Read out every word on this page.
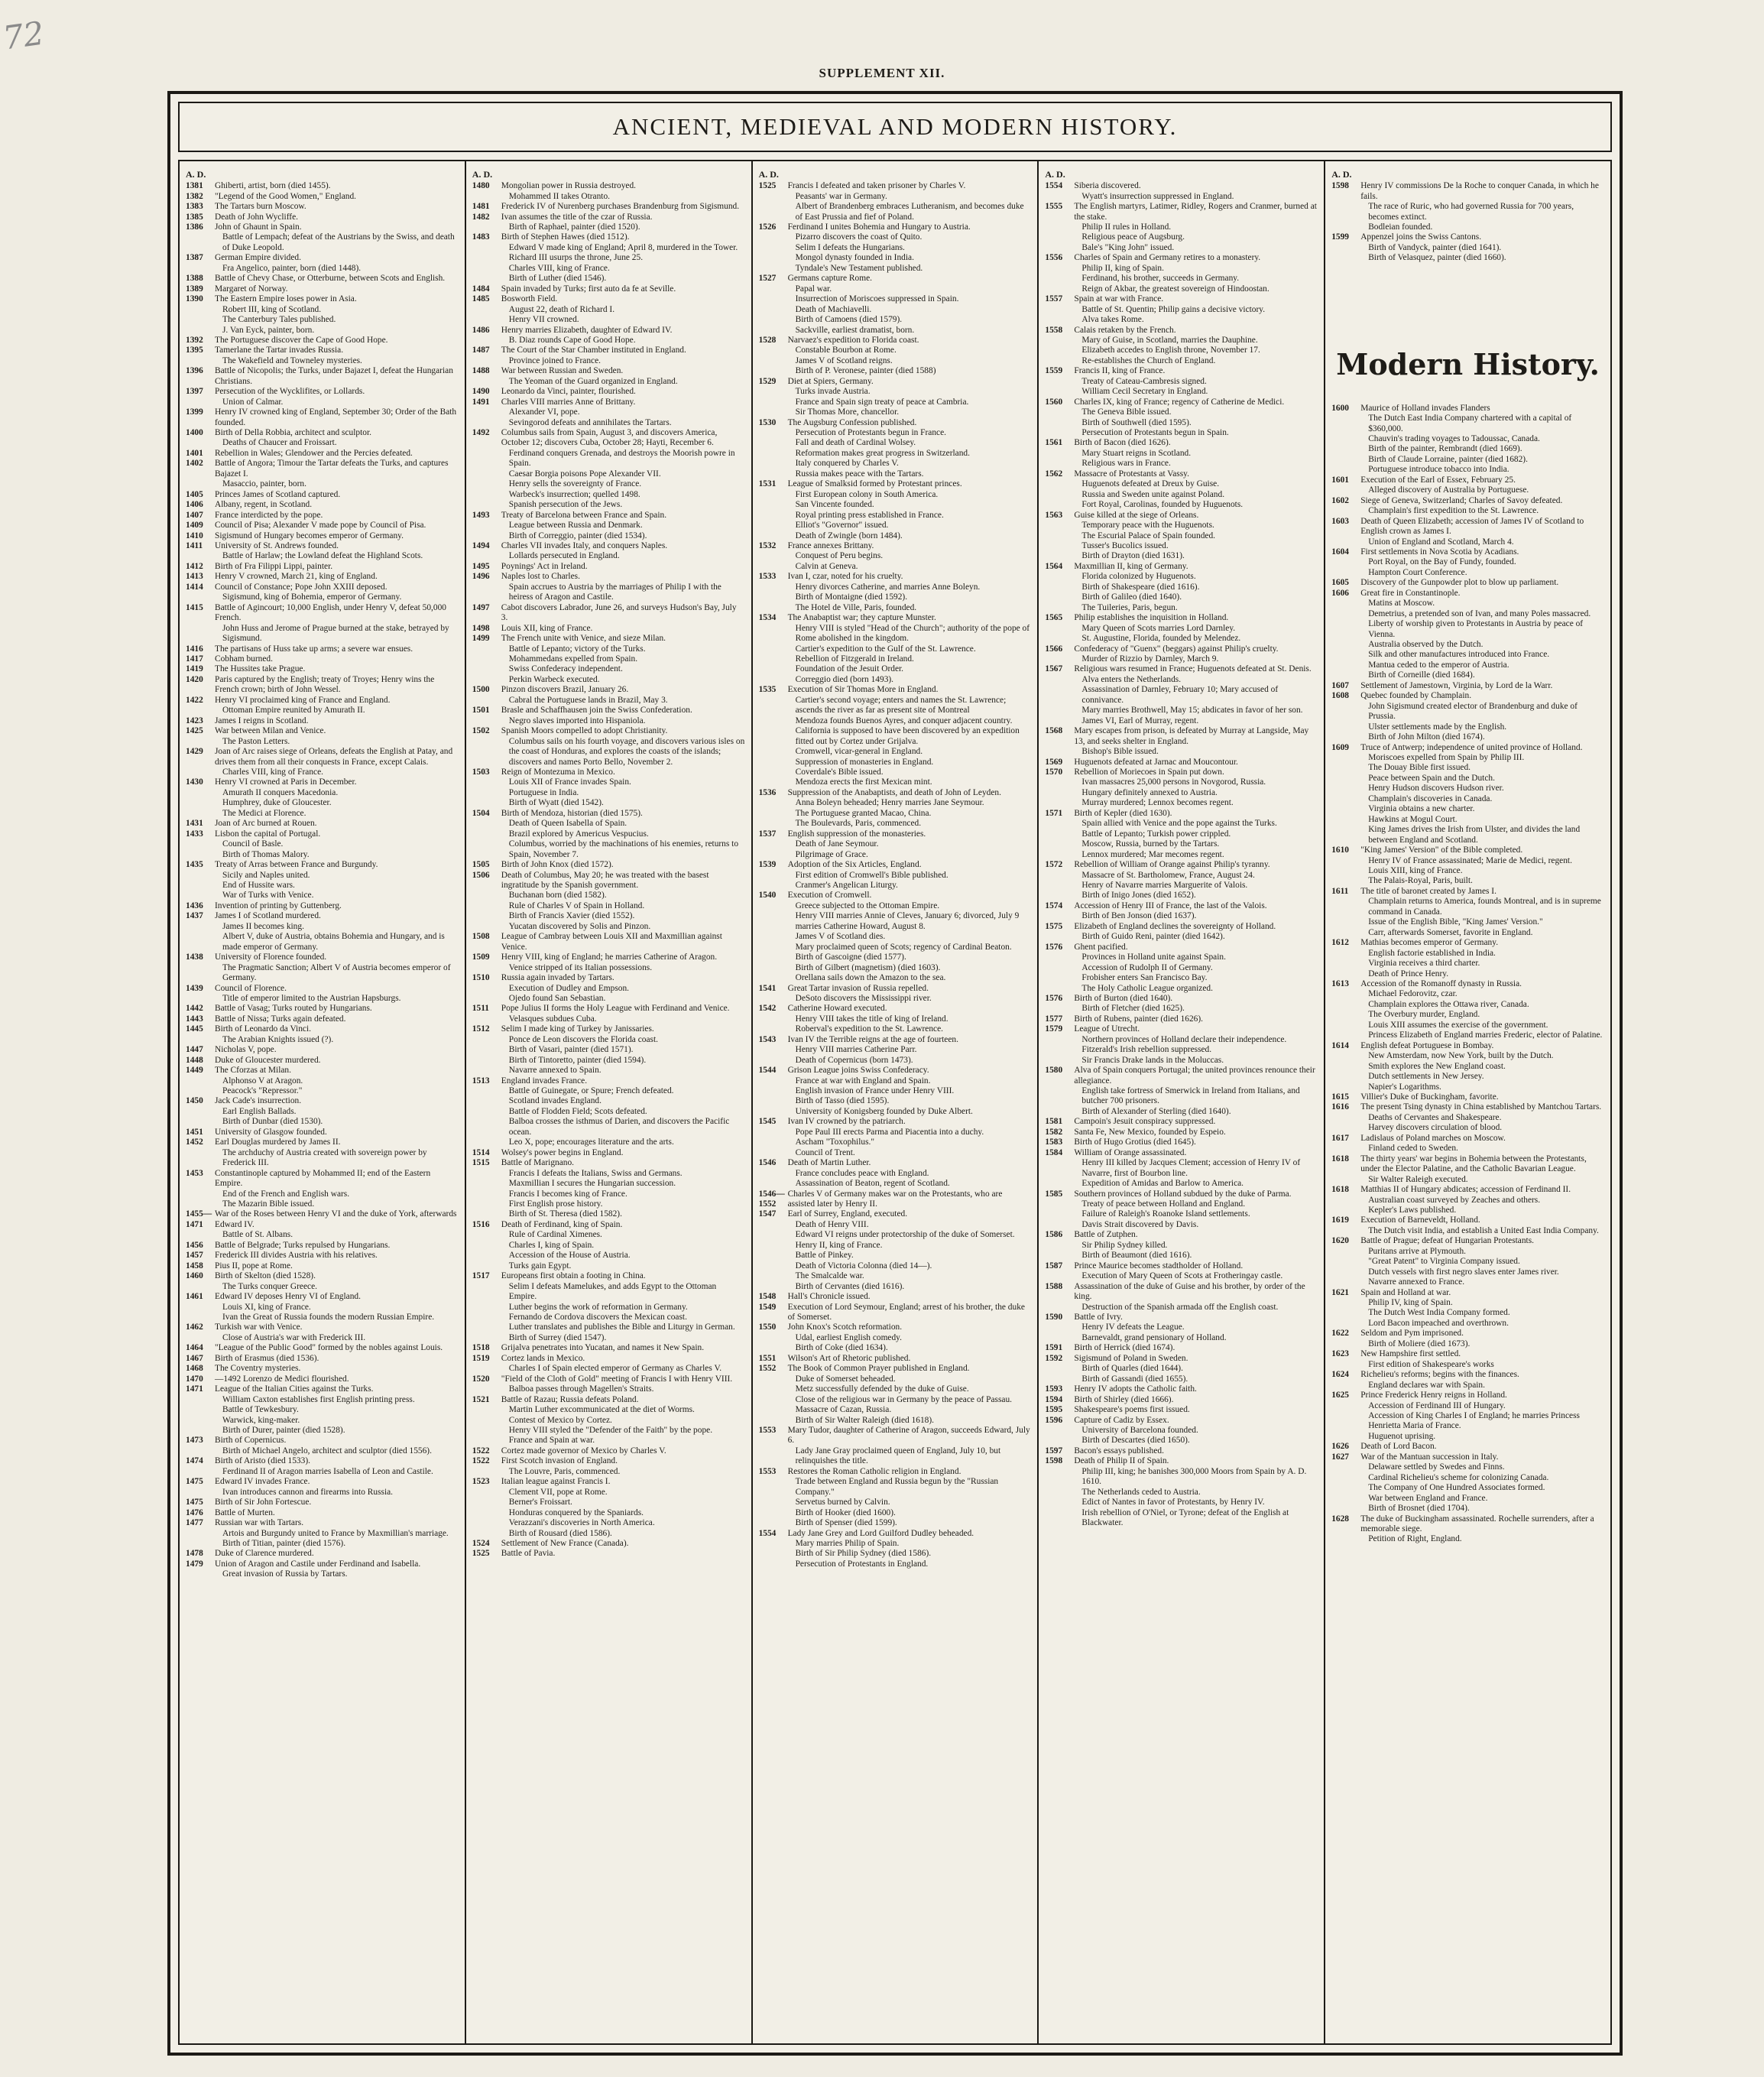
72
SUPPLEMENT XII.
ANCIENT, MEDIEVAL AND MODERN HISTORY.
A. D.
1381	Ghiberti, artist, born (died 1455).
1382	"Legend of the Good Women," England.
1383	The Tartars burn Moscow.
1385	Death of John Wycliffe.
1386	John of Ghaunt in Spain.
Battle of Lempach; defeat of the Austrians by the Swiss, and death of Duke Leopold.
1387	German Empire divided.
Fra Angelico, painter, born (died 1448).
1388	Battle of Chevy Chase, or Otterburne, between Scots and English.
1389	Margaret of Norway.
1390	The Eastern Empire loses power in Asia.
Robert III, king of Scotland.
The Canterbury Tales published.
J. Van Eyck, painter, born.
1392	The Portuguese discover the Cape of Good Hope.
1395	Tamerlane the Tartar invades Russia.
The Wakefield and Towneley mysteries.
1396	Battle of Nicopolis; the Turks, under Bajazet I, defeat the Hungarian Christians.
1397	Persecution of the Wycklifites, or Lollards.
Union of Calmar.
1399	Henry IV crowned king of England, September 30; Order of the Bath founded.
1400	Birth of Della Robbia, architect and sculptor.
Deaths of Chaucer and Froissart.
1401	Rebellion in Wales; Glendower and the Percies defeated.
1402	Battle of Angora; Timour the Tartar defeats the Turks, and captures Bajazet I.
Masaccio, painter, born.
1405	Princes James of Scotland captured.
1406	Albany, regent, in Scotland.
1407	France interdicted by the pope.
1409	Council of Pisa; Alexander V made pope by Council of Pisa.
1410	Sigismund of Hungary becomes emperor of Germany.
1411	University of St. Andrews founded.
Battle of Harlaw; the Lowland defeat the Highland Scots.
1412	Birth of Fra Filippi Lippi, painter.
1413	Henry V crowned, March 21, king of England.
1414	Council of Constance; Pope John XXIII deposed.
Sigismund, king of Bohemia, emperor of Germany.
1415	Battle of Agincourt; 10,000 English, under Henry V, defeat 50,000 French.
John Huss and Jerome of Prague burned at the stake, betrayed by Sigismund.
1416	The partisans of Huss take up arms; a severe war ensues.
1417	Cobham burned.
1419	The Hussites take Prague.
1420	Paris captured by the English; treaty of Troyes; Henry wins the French crown; birth of John Wessel.
1422	Henry VI proclaimed king of France and England.
Ottoman Empire reunited by Amurath II.
1423	James I reigns in Scotland.
1425	War between Milan and Venice.
The Paston Letters.
1429	Joan of Arc raises siege of Orleans, defeats the English at Patay, and drives them from all their conquests in France, except Calais.
Charles VIII, king of France.
1430	Henry VI crowned at Paris in December.
Amurath II conquers Macedonia.
Humphrey, duke of Gloucester.
The Medici at Florence.
1431	Joan of Arc burned at Rouen.
1433	Lisbon the capital of Portugal.
Council of Basle.
Birth of Thomas Malory.
1435	Treaty of Arras between France and Burgundy.
Sicily and Naples united.
End of Hussite wars.
War of Turks with Venice.
1436	Invention of printing by Guttenberg.
1437	James I of Scotland murdered.
James II becomes king.
Albert V, duke of Austria, obtains Bohemia and Hungary, and is made emperor of Germany.
1438	University of Florence founded.
The Pragmatic Sanction; Albert V of Austria becomes emperor of Germany.
1439	Council of Florence.
Title of emperor limited to the Austrian Hapsburgs.
1442	Battle of Vasag; Turks routed by Hungarians.
1443	Battle of Nissa; Turks again defeated.
1445	Birth of Leonardo da Vinci.
The Arabian Knights issued (?).
1447	Nicholas V, pope.
1448	Duke of Gloucester murdered.
1449	The Cforzas at Milan.
Alphonso V at Aragon.
Peacock's "Repressor."
1450	Jack Cade's insurrection.
Earl English Ballads.
Birth of Dunbar (died 1530).
1451	University of Glasgow founded.
1452	Earl Douglas murdered by James II.
The archduchy of Austria created with sovereign power by Frederick III.
1453	Constantinople captured by Mohammed II; end of the Eastern Empire.
End of the French and English wars.
The Mazarin Bible issued.
1455—1471
War of the Roses between Henry VI and the duke of York, afterwards Edward IV.
Battle of St. Albans.
1456	Battle of Belgrade; Turks repulsed by Hungarians.
1457	Frederick III divides Austria with his relatives.
1458	Pius II, pope at Rome.
1460	Birth of Skelton (died 1528).
The Turks conquer Greece.
1461	Edward IV deposes Henry VI of England.
Louis XI, king of France.
Ivan the Great of Russia founds the modern Russian Empire.
1462	Turkish war with Venice.
Close of Austria's war with Frederick III.
1464	"League of the Public Good" formed by the nobles against Louis.
1467	Birth of Erasmus (died 1536).
1468	The Coventry mysteries.
1470	—1492 Lorenzo de Medici flourished.
1471	League of the Italian Cities against the Turks.
William Caxton establishes first English printing press.
Battle of Tewkesbury.
Warwick, king-maker.
Birth of Durer, painter (died 1528).
1473	Birth of Copernicus.
Birth of Michael Angelo, architect and sculptor (died 1556).
1474	Birth of Aristo (died 1533).
Ferdinand II of Aragon marries Isabella of Leon and Castile.
1475	Edward IV invades France.
Ivan introduces cannon and firearms into Russia.
1475	Birth of Sir John Fortescue.
1476	Battle of Murten.
1477	Russian war with Tartars.
Artois and Burgundy united to France by Maxmillian's marriage.
Birth of Titian, painter (died 1576).
1478	Duke of Clarence murdered.
1479	Union of Aragon and Castile under Ferdinand and Isabella.
Great invasion of Russia by Tartars.
A. D.
1480	Mongolian power in Russia destroyed.
Mohammed II takes Otranto.
1481	Frederick IV of Nurenberg purchases Brandenburg from Sigismund.
1482	Ivan assumes the title of the czar of Russia.
Birth of Raphael, painter (died 1520).
1483	Birth of Stephen Hawes (died 1512).
Edward V made king of England; April 8, murdered in the Tower.
Richard III usurps the throne, June 25.
Charles VIII, king of France.
Birth of Luther (died 1546).
1484	Spain invaded by Turks; first auto da fe at Seville.
1485	Bosworth Field.
August 22, death of Richard I.
Henry VII crowned.
1486	Henry marries Elizabeth, daughter of Edward IV.
B. Diaz rounds Cape of Good Hope.
1487	The Court of the Star Chamber instituted in England.
Province joined to France.
1488	War between Russian and Sweden.
The Yeoman of the Guard organized in England.
1490	Leonardo da Vinci, painter, flourished.
1491	Charles VIII marries Anne of Brittany.
Alexander VI, pope.
Sevingorod defeats and annihilates the Tartars.
1492	Columbus sails from Spain, August 3, and discovers America, October 12; discovers Cuba, October 28; Hayti, Recember 6.
Ferdinand conquers Grenada, and destroys the Moorish powre in Spain.
Caesar Borgia poisons Pope Alexander VII.
Henry sells the sovereignty of France.
Warbeck's insurrection; quelled 1498.
Spanish persecution of the Jews.
1493	Treaty of Barcelona between France and Spain.
League between Russia and Denmark.
Birth of Correggio, painter (died 1534).
1494	Charles VII invades Italy, and conquers Naples.
Lollards persecuted in England.
1495	Poynings' Act in Ireland.
1496	Naples lost to Charles.
Spain accrues to Austria by the marriages of Philip I with the heiress of Aragon and Castile.
1497	Cabot discovers Labrador, June 26, and surveys Hudson's Bay, July 3.
1498	Louis XII, king of France.
1499	The French unite with Venice, and sieze Milan.
Battle of Lepanto; victory of the Turks.
Mohammedans expelled from Spain.
Swiss Confederacy independent.
Perkin Warbeck executed.
1500	Pinzon discovers Brazil, January 26.
Cabral the Portuguese lands in Brazil, May 3.
1501	Brasle and Schaffhausen join the Swiss Confederation.
Negro slaves imported into Hispaniola.
1502	Spanish Moors compelled to adopt Christianity.
Columbus sails on his fourth voyage, and discovers various isles on the coast of Honduras, and explores the coasts of the islands; discovers and names Porto Bello, November 2.
1503	Reign of Montezuma in Mexico.
Louis XII of France invades Spain.
Portuguese in India.
Birth of Wyatt (died 1542).
1504	Birth of Mendoza, historian (died 1575).
Death of Queen Isabella of Spain.
Brazil explored by Americus Vespucius.
Columbus, worried by the machinations of his enemies, returns to Spain, November 7.
1505	Birth of John Knox (died 1572).
1506	Death of Columbus, May 20; he was treated with the basest ingratitude by the Spanish government.
Buchanan born (died 1582).
Rule of Charles V of Spain in Holland.
Birth of Francis Xavier (died 1552).
Yucatan discovered by Solis and Pinzon.
1508	League of Cambray between Louis XII and Maxmillian against Venice.
1509	Henry VIII, king of England; he marries Catherine of Aragon.
Venice stripped of its Italian possessions.
1510	Russia again invaded by Tartars.
Execution of Dudley and Empson.
Ojedo found San Sebastian.
1511	Pope Julius II forms the Holy League with Ferdinand and Venice.
Velasques subdues Cuba.
1512	Selim I made king of Turkey by Janissaries.
Ponce de Leon discovers the Florida coast.
Birth of Vasari, painter (died 1571).
Birth of Tintoretto, painter (died 1594).
Navarre annexed to Spain.
1513	England invades France.
Battle of Guinegate, or Spure; French defeated.
Scotland invades England.
Battle of Flodden Field; Scots defeated.
Balboa crosses the isthmus of Darien, and discovers the Pacific ocean.
Leo X, pope; encourages literature and the arts.
1514	Wolsey's power begins in England.
1515	Battle of Marignano.
Francis I defeats the Italians, Swiss and Germans.
Maxmillian I secures the Hungarian succession.
Francis I becomes king of France.
First English prose history.
Birth of St. Theresa (died 1582).
1516	Death of Ferdinand, king of Spain.
Rule of Cardinal Ximenes.
Charles I, king of Spain.
Accession of the House of Austria.
Turks gain Egypt.
1517	Europeans first obtain a footing in China.
Selim I defeats Mamelukes, and adds Egypt to the Ottoman Empire.
Luther begins the work of reformation in Germany.
Fernando de Cordova discovers the Mexican coast.
Luther translates and publishes the Bible and Liturgy in German.
Birth of Surrey (died 1547).
1518	Grijalva penetrates into Yucatan, and names it New Spain.
1519	Cortez lands in Mexico.
Charles I of Spain elected emperor of Germany as Charles V.
1520	"Field of the Cloth of Gold" meeting of Francis I with Henry VIII.
Balboa passes through Magellen's Straits.
1521	Battle of Razau; Russia defeats Poland.
Martin Luther excommunicated at the diet of Worms.
Contest of Mexico by Cortez.
Henry VIII styled the "Defender of the Faith" by the pope.
France and Spain at war.
1522	Cortez made governor of Mexico by Charles V.
1522	First Scotch invasion of England.
The Louvre, Paris, commenced.
1523	Italian league against Francis I.
Clement VII, pope at Rome.
Berner's Froissart.
Honduras conquered by the Spaniards.
Verazzani's discoveries in North America.
Birth of Rousard (died 1586).
1524	Settlement of New France (Canada).
1525	Battle of Pavia.
A. D.
1525	Francis I defeated and taken prisoner by Charles V.
Peasants' war in Germany.
Albert of Brandenberg embraces Lutheranism, and becomes duke of East Prussia and fief of Poland.
1526	Ferdinand I unites Bohemia and Hungary to Austria.
Pizarro discovers the coast of Quito.
Selim I defeats the Hungarians.
Mongol dynasty founded in India.
Tyndale's New Testament published.
1527	Germans capture Rome.
Papal war.
Insurrection of Moriscoes suppressed in Spain.
Death of Machiavelli.
Birth of Camoens (died 1579).
Sackville, earliest dramatist, born.
1528	Narvaez's expedition to Florida coast.
Constable Bourbon at Rome.
James V of Scotland reigns.
Birth of P. Veronese, painter (died 1588)
1529	Diet at Spiers, Germany.
Turks invade Austria.
France and Spain sign treaty of peace at Cambria.
Sir Thomas More, chancellor.
1530	The Augsburg Confession published.
Persecution of Protestants begun in France.
Fall and death of Cardinal Wolsey.
Reformation makes great progress in Switzerland.
Italy conquered by Charles V.
Russia makes peace with the Tartars.
1531	League of Smalksid formed by Protestant princes.
First European colony in South America.
San Vincente founded.
Royal printing press established in France.
Elliot's "Governor" issued.
Death of Zwingle (born 1484).
1532	France annexes Brittany.
Conquest of Peru begins.
Calvin at Geneva.
1533	Ivan I, czar, noted for his cruelty.
Henry divorces Catherine, and marries Anne Boleyn.
Birth of Montaigne (died 1592).
The Hotel de Ville, Paris, founded.
1534	The Anabaptist war; they capture Munster.
Henry VIII is styled "Head of the Church"; authority of the pope of Rome abolished in the kingdom.
Cartier's expedition to the Gulf of the St. Lawrence.
Rebellion of Fitzgerald in Ireland.
Foundation of the Jesuit Order.
Correggio died (born 1493).
1535	Execution of Sir Thomas More in England.
Cartier's second voyage; enters and names the St. Lawrence; ascends the river as far as present site of Montreal
Mendoza founds Buenos Ayres, and conquer adjacent country.
California is supposed to have been discovered by an expedition fitted out by Cortez under Grijalva.
Cromwell, vicar-general in England.
Suppression of monasteries in England.
Coverdale's Bible issued.
Mendoza erects the first Mexican mint.
1536	Suppression of the Anabaptists, and death of John of Leyden.
Anna Boleyn beheaded; Henry marries Jane Seymour.
The Portuguese granted Macao, China.
The Boulevards, Paris, commenced.
1537	English suppression of the monasteries.
Death of Jane Seymour.
Pilgrimage of Grace.
1539	Adoption of the Six Articles, England.
First edition of Cromwell's Bible published.
Cranmer's Angelican Liturgy.
1540	Execution of Cromwell.
Greece subjected to the Ottoman Empire.
Henry VIII marries Annie of Cleves, January 6; divorced, July 9 marries Catherine Howard, August 8.
James V of Scotland dies.
Mary proclaimed queen of Scots; regency of Cardinal Beaton.
Birth of Gascoigne (died 1577).
Birth of Gilbert (magnetism) (died 1603).
Orellana sails down the Amazon to the sea.
1541	Great Tartar invasion of Russia repelled.
DeSoto discovers the Mississippi river.
1542	Catherine Howard executed.
Henry VIII takes the title of king of Ireland.
Roberval's expedition to the St. Lawrence.
1543	Ivan IV the Terrible reigns at the age of fourteen.
Henry VIII marries Catherine Parr.
Death of Copernicus (born 1473).
1544	Grison League joins Swiss Confederacy.
France at war with England and Spain.
English invasion of France under Henry VIII.
Birth of Tasso (died 1595).
University of Konigsberg founded by Duke Albert.
1545	Ivan IV crowned by the patriarch.
Pope Paul III erects Parma and Piacentia into a duchy.
Ascham "Toxophilus."
Council of Trent.
1546	Death of Martin Luther.
France concludes peace with England.
Assassination of Beaton, regent of Scotland.
1546—1552
Charles V of Germany makes war on the Protestants, who are assisted later by Henry II.
1547	Earl of Surrey, England, executed.
Death of Henry VIII.
Edward VI reigns under protectorship of the duke of Somerset.
Henry II, king of France.
Battle of Pinkey.
Death of Victoria Colonna (died 14—).
The Smalcalde war.
Birth of Cervantes (died 1616).
1548	Hall's Chronicle issued.
1549	Execution of Lord Seymour, England; arrest of his brother, the duke of Somerset.
1550	John Knox's Scotch reformation.
Udal, earliest English comedy.
Birth of Coke (died 1634).
1551	Wilson's Art of Rhetoric published.
1552	The Book of Common Prayer published in England.
Duke of Somerset beheaded.
Metz successfully defended by the duke of Guise.
Close of the religious war in Germany by the peace of Passau.
Massacre of Cazan, Russia.
Birth of Sir Walter Raleigh (died 1618).
1553	Mary Tudor, daughter of Catherine of Aragon, succeeds Edward, July 6.
Lady Jane Gray proclaimed queen of England, July 10, but relinquishes the title.
1553	Restores the Roman Catholic religion in England.
Trade between England and Russia begun by the "Russian Company."
Servetus burned by Calvin.
Birth of Hooker (died 1600).
Birth of Spenser (died 1599).
1554	Lady Jane Grey and Lord Guilford Dudley beheaded.
Mary marries Philip of Spain.
Birth of Sir Philip Sydney (died 1586).
Persecution of Protestants in England.
A. D.
1554	Siberia discovered.
Wyatt's insurrection suppressed in England.
1555	The English martyrs, Latimer, Ridley, Rogers and Cranmer, burned at the stake.
Philip II rules in Holland.
Religious peace of Augsburg.
Bale's "King John" issued.
1556	Charles of Spain and Germany retires to a monastery.
Philip II, king of Spain.
Ferdinand, his brother, succeeds in Germany.
Reign of Akbar, the greatest sovereign of Hindoostan.
1557	Spain at war with France.
Battle of St. Quentin; Philip gains a decisive victory.
Alva takes Rome.
1558	Calais retaken by the French.
Mary of Guise, in Scotland, marries the Dauphine.
Elizabeth accedes to English throne, November 17.
Re-establishes the Church of England.
1559	Francis II, king of France.
Treaty of Cateau-Cambresis signed.
William Cecil Secretary in England.
1560	Charles IX, king of France; regency of Catherine de Medici.
The Geneva Bible issued.
Birth of Southwell (died 1595).
Persecution of Protestants begun in Spain.
1561	Birth of Bacon (died 1626).
Mary Stuart reigns in Scotland.
Religious wars in France.
1562	Massacre of Protestants at Vassy.
Huguenots defeated at Dreux by Guise.
Russia and Sweden unite against Poland.
Fort Royal, Carolinas, founded by Huguenots.
1563	Guise killed at the siege of Orleans.
Temporary peace with the Huguenots.
The Escurial Palace of Spain founded.
Tusser's Bucolics issued.
Birth of Drayton (died 1631).
1564	Maxmillian II, king of Germany.
Florida colonized by Huguenots.
Birth of Shakespeare (died 1616).
Birth of Galileo (died 1640).
The Tuileries, Paris, begun.
1565	Philip establishes the inquisition in Holland.
Mary Queen of Scots marries Lord Darnley.
St. Augustine, Florida, founded by Melendez.
1566	Confederacy of "Guenx" (beggars) against Philip's cruelty.
Murder of Rizzio by Darnley, March 9.
1567	Religious wars resumed in France; Huguenots defeated at St. Denis.
Alva enters the Netherlands.
Assassination of Darnley, February 10; Mary accused of connivance.
Mary marries Brothwell, May 15; abdicates in favor of her son.
James VI, Earl of Murray, regent.
1568	Mary escapes from prison, is defeated by Murray at Langside, May 13, and seeks shelter in England.
Bishop's Bible issued.
1569	Huguenots defeated at Jarnac and Moucontour.
1570	Rebellion of Moriecoes in Spain put down.
Ivan massacres 25,000 persons in Novgorod, Russia.
Hungary definitely annexed to Austria.
Murray murdered; Lennox becomes regent.
1571	Birth of Kepler (died 1630).
Spain allied with Venice and the pope against the Turks.
Battle of Lepanto; Turkish power crippled.
Moscow, Russia, burned by the Tartars.
Lennox murdered; Mar mecomes regent.
1572	Rebellion of William of Orange against Philip's tyranny.
Massacre of St. Bartholomew, France, August 24.
Henry of Navarre marries Marguerite of Valois.
Birth of Inigo Jones (died 1652).
1574	Accession of Henry III of France, the last of the Valois.
Birth of Ben Jonson (died 1637).
1575	Elizabeth of England declines the sovereignty of Holland.
Birth of Guido Reni, painter (died 1642).
1576	Ghent pacified.
Provinces in Holland unite against Spain.
Accession of Rudolph II of Germany.
Frobisher enters San Francisco Bay.
The Holy Catholic League organized.
1576	Birth of Burton (died 1640).
Birth of Fletcher (died 1625).
1577	Birth of Rubens, painter (died 1626).
1579	League of Utrecht.
Northern provinces of Holland declare their independence.
Fitzerald's Irish rebellion suppressed.
Sir Francis Drake lands in the Moluccas.
1580	Alva of Spain conquers Portugal; the united provinces renounce their allegiance.
English take fortress of Smerwick in Ireland from Italians, and butcher 700 prisoners.
Birth of Alexander of Sterling (died 1640).
1581	Campoin's Jesuit conspiracy suppressed.
1582	Santa Fe, New Mexico, founded by Espeio.
1583	Birth of Hugo Grotius (died 1645).
1584	William of Orange assassinated.
Henry III killed by Jacques Clement; accession of Henry IV of Navarre, first of Bourbon line.
Expedition of Amidas and Barlow to America.
1585	Southern provinces of Holland subdued by the duke of Parma.
Treaty of peace between Holland and England.
Failure of Raleigh's Roanoke Island settlements.
Davis Strait discovered by Davis.
1586	Battle of Zutphen.
Sir Philip Sydney killed.
Birth of Beaumont (died 1616).
1587	Prince Maurice becomes stadtholder of Holland.
Execution of Mary Queen of Scots at Frotheringay castle.
1588	Assassination of the duke of Guise and his brother, by order of the king.
Destruction of the Spanish armada off the English coast.
1590	Battle of Ivry.
Henry IV defeats the League.
Barnevaldt, grand pensionary of Holland.
1591	Birth of Herrick (died 1674).
1592	Sigismund of Poland in Sweden.
Birth of Quarles (died 1644).
Birth of Gassandi (died 1655).
1593	Henry IV adopts the Catholic faith.
1594	Birth of Shirley (died 1666).
1595	Shakespeare's poems first issued.
1596	Capture of Cadiz by Essex.
University of Barcelona founded.
Birth of Descartes (died 1650).
1597	Bacon's essays published.
1598	Death of Philip II of Spain.
Philip III, king; he banishes 300,000 Moors from Spain by A. D. 1610.
The Netherlands ceded to Austria.
Edict of Nantes in favor of Protestants, by Henry IV.
Irish rebellion of O'Niel, or Tyrone; defeat of the English at Blackwater.
A. D.
1598	Henry IV commissions De la Roche to conquer Canada, in which he fails.
The race of Ruric, who had governed Russia for 700 years, becomes extinct.
Bodleian founded.
1599	Appenzel joins the Swiss Cantons.
Birth of Vandyck, painter (died 1641).
Birth of Velasquez, painter (died 1660).
Modern History.
1600	Maurice of Holland invades Flanders
The Dutch East India Company chartered with a capital of $360,000.
Chauvin's trading voyages to Tadoussac, Canada.
Birth of the painter, Rembrandt (died 1669).
Birth of Claude Lorraine, painter (died 1682).
Portuguese introduce tobacco into India.
1601	Execution of the Earl of Essex, February 25.
Alleged discovery of Australia by Portuguese.
1602	Siege of Geneva, Switzerland; Charles of Savoy defeated.
Champlain's first expedition to the St. Lawrence.
1603	Death of Queen Elizabeth; accession of James IV of Scotland to English crown as James I.
Union of England and Scotland, March 4.
1604	First settlements in Nova Scotia by Acadians.
Port Royal, on the Bay of Fundy, founded.
Hampton Court Conference.
1605	Discovery of the Gunpowder plot to blow up parliament.
1606	Great fire in Constantinople.
Matins at Moscow.
Demetrius, a pretended son of Ivan, and many Poles massacred.
Liberty of worship given to Protestants in Austria by peace of Vienna.
Australia observed by the Dutch.
Silk and other manufactures introduced into France.
Mantua ceded to the emperor of Austria.
Birth of Corneille (died 1684).
1607	Settlement of Jamestown, Virginia, by Lord de la Warr.
1608	Quebec founded by Champlain.
John Sigismund created elector of Brandenburg and duke of Prussia.
Ulster settlements made by the English.
Birth of John Milton (died 1674).
1609	Truce of Antwerp; independence of united province of Holland.
Moriscoes expelled from Spain by Philip III.
The Douay Bible first issued.
Peace between Spain and the Dutch.
Henry Hudson discovers Hudson river.
Champlain's discoveries in Canada.
Virginia obtains a new charter.
Hawkins at Mogul Court.
King James drives the Irish from Ulster, and divides the land between England and Scotland.
1610	"King James' Version" of the Bible completed.
Henry IV of France assassinated; Marie de Medici, regent.
Louis XIII, king of France.
The Palais-Royal, Paris, built.
1611	The title of baronet created by James I.
Champlain returns to America, founds Montreal, and is in supreme command in Canada.
Issue of the English Bible, "King James' Version."
Carr, afterwards Somerset, favorite in England.
1612	Mathias becomes emperor of Germany.
English factorie established in India.
Virginia receives a third charter.
Death of Prince Henry.
1613	Accession of the Romanoff dynasty in Russia.
Michael Fedorovitz, czar.
Champlain explores the Ottawa river, Canada.
The Overbury murder, England.
Louis XIII assumes the exercise of the government.
Princess Elizabeth of England marries Frederic, elector of Palatine.
1614	English defeat Portuguese in Bombay.
New Amsterdam, now New York, built by the Dutch.
Smith explores the New England coast.
Dutch settlements in New Jersey.
Napier's Logarithms.
1615	Villier's Duke of Buckingham, favorite.
1616	The present Tsing dynasty in China established by Mantchou Tartars.
Deaths of Cervantes and Shakespeare.
Harvey discovers circulation of blood.
1617	Ladislaus of Poland marches on Moscow.
Finland ceded to Sweden.
1618	The thirty years' war begins in Bohemia between the Protestants, under the Elector Palatine, and the Catholic Bavarian League.
Sir Walter Raleigh executed.
1618	Matthias II of Hungary abdicates; accession of Ferdinand II.
Australian coast surveyed by Zeaches and others.
Kepler's Laws published.
1619	Execution of Barneveldt, Holland.
The Dutch visit India, and establish a United East India Company.
1620	Battle of Prague; defeat of Hungarian Protestants.
Puritans arrive at Plymouth.
"Great Patent" to Virginia Company issued.
Dutch vessels with first negro slaves enter James river.
Navarre annexed to France.
1621	Spain and Holland at war.
Philip IV, king of Spain.
The Dutch West India Company formed.
Lord Bacon impeached and overthrown.
1622	Seldom and Pym imprisoned.
Birth of Moliere (died 1673).
1623	New Hampshire first settled.
First edition of Shakespeare's works
1624	Richelieu's reforms; begins with the finances.
England declares war with Spain.
1625	Prince Frederick Henry reigns in Holland.
Accession of Ferdinand III of Hungary.
Accession of King Charles I of England; he marries Princess Henrietta Maria of France.
Huguenot uprising.
1626	Death of Lord Bacon.
1627	War of the Mantuan succession in Italy.
Delaware settled by Swedes and Finns.
Cardinal Richelieu's scheme for colonizing Canada.
The Company of One Hundred Associates formed.
War between England and France.
Birth of Brosnet (died 1704).
1628	The duke of Buckingham assassinated. Rochelle surrenders, after a memorable siege.
Petition of Right, England.
